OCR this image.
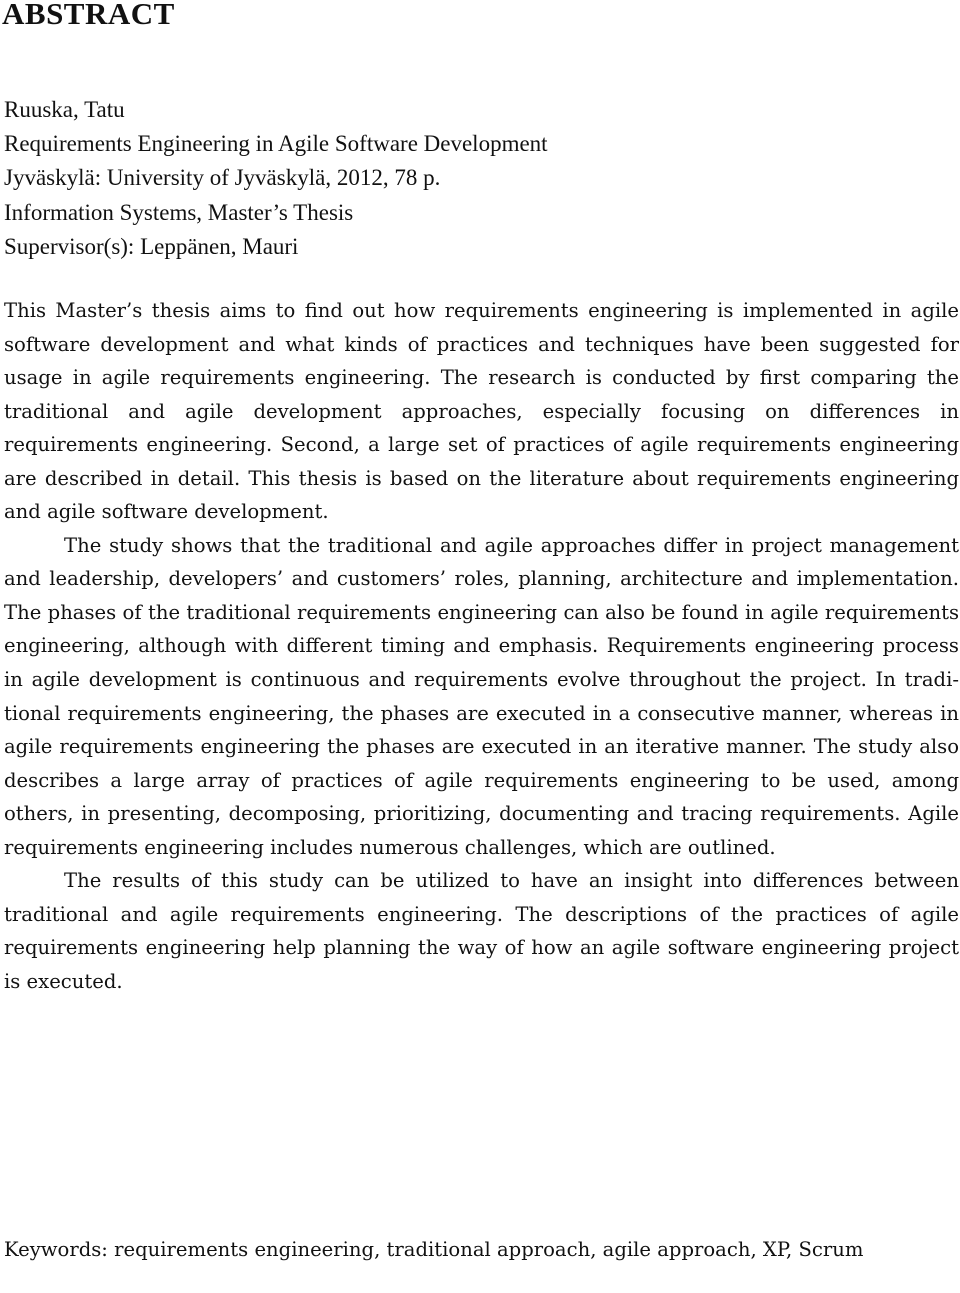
ABSTRACT
Ruuska, Tatu
Requirements Engineering in Agile Software Development
Jyväskylä: University of Jyväskylä, 2012, 78 p.
Information Systems, Master’s Thesis
Supervisor(s): Leppänen, Mauri

This Master’s thesis aims to find out how requirements engineering is implemented in agile software development and what kinds of practices and techniques have been suggested for usage in agile requirements engineering. The research is conducted by first comparing the traditional and agile development approaches, especially focusing on differences in requirements engineering. Second, a large set of practices of agile requirements engineering are described in detail. This thesis is based on the literature about requirements engineering and agile software development.

The study shows that the traditional and agile approaches differ in project management and leadership, developers’ and customers’ roles, planning, architecture and implementation. The phases of the traditional requirements engineering can also be found in agile requirements engineering, although with different timing and emphasis. Requirements engineering process in agile development is continuous and requirements evolve throughout the project. In traditional requirements engineering, the phases are executed in a consecutive manner, whereas in agile requirements engineering the phases are executed in an iterative manner. The study also describes a large array of practices of agile requirements engineering to be used, among others, in presenting, decomposing, prioritizing, documenting and tracing requirements. Agile requirements engineering includes numerous challenges, which are outlined.

The results of this study can be utilized to have an insight into differences between traditional and agile requirements engineering. The descriptions of the practices of agile requirements engineering help planning the way of how an agile software engineering project is executed.

Keywords: requirements engineering, traditional approach, agile approach, XP, Scrum
